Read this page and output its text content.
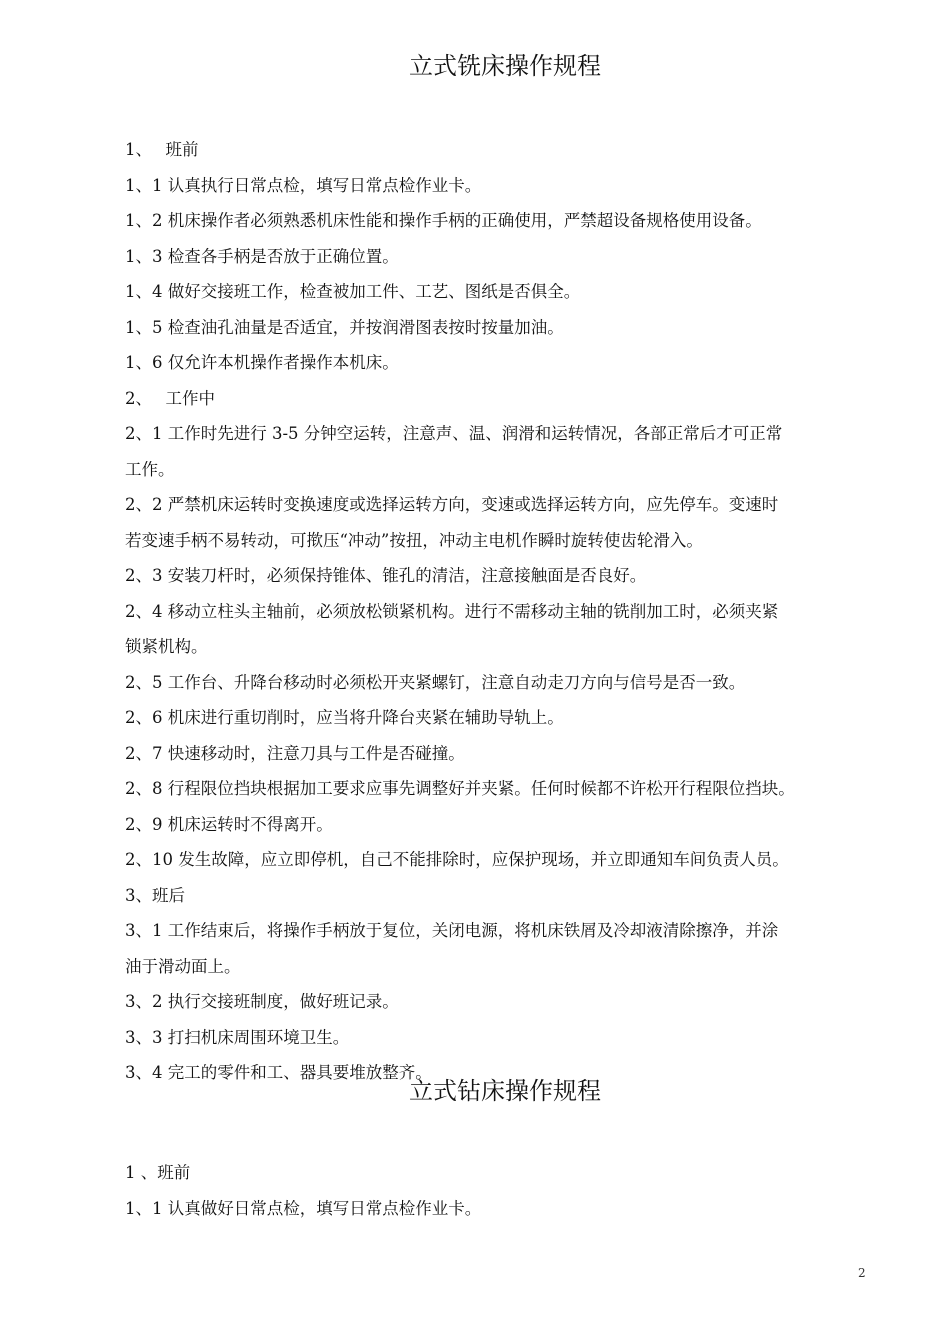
立式铣床操作规程

1、　 班前

1、1 认真执行日常点检，填写日常点检作业卡。

1、2 机床操作者必须熟悉机床性能和操作手柄的正确使用，严禁超设备规格使用设备。

1、3 检查各手柄是否放于正确位置。

1、4 做好交接班工作，检查被加工件、工艺、图纸是否俱全。

1、5 检查油孔油量是否适宜，并按润滑图表按时按量加油。

1、6 仅允许本机操作者操作本机床。

2、　 工作中

2、1 工作时先进行 3-5 分钟空运转，注意声、温、润滑和运转情况，各部正常后才可正常

工作。

2、2 严禁机床运转时变换速度或选择运转方向，变速或选择运转方向，应先停车。变速时

若变速手柄不易转动，可揿压“冲动”按扭，冲动主电机作瞬时旋转使齿轮滑入。

2、3 安装刀杆时，必须保持锥体、锥孔的清洁，注意接触面是否良好。

2、4 移动立柱头主轴前，必须放松锁紧机构。进行不需移动主轴的铣削加工时，必须夹紧

锁紧机构。

2、5 工作台、升降台移动时必须松开夹紧螺钉，注意自动走刀方向与信号是否一致。

2、6 机床进行重切削时，应当将升降台夹紧在辅助导轨上。

2、7 快速移动时，注意刀具与工件是否碰撞。

2、8 行程限位挡块根据加工要求应事先调整好并夹紧。任何时候都不许松开行程限位挡块。

2、9 机床运转时不得离开。

2、10 发生故障，应立即停机，自己不能排除时，应保护现场，并立即通知车间负责人员。

3、班后

3、1 工作结束后，将操作手柄放于复位，关闭电源，将机床铁屑及冷却液清除擦净，并涂

油于滑动面上。

3、2 执行交接班制度，做好班记录。

3、3 打扫机床周围环境卫生。

3、4 完工的零件和工、器具要堆放整齐。

立式钻床操作规程

1 、班前

1、1 认真做好日常点检，填写日常点检作业卡。

2
